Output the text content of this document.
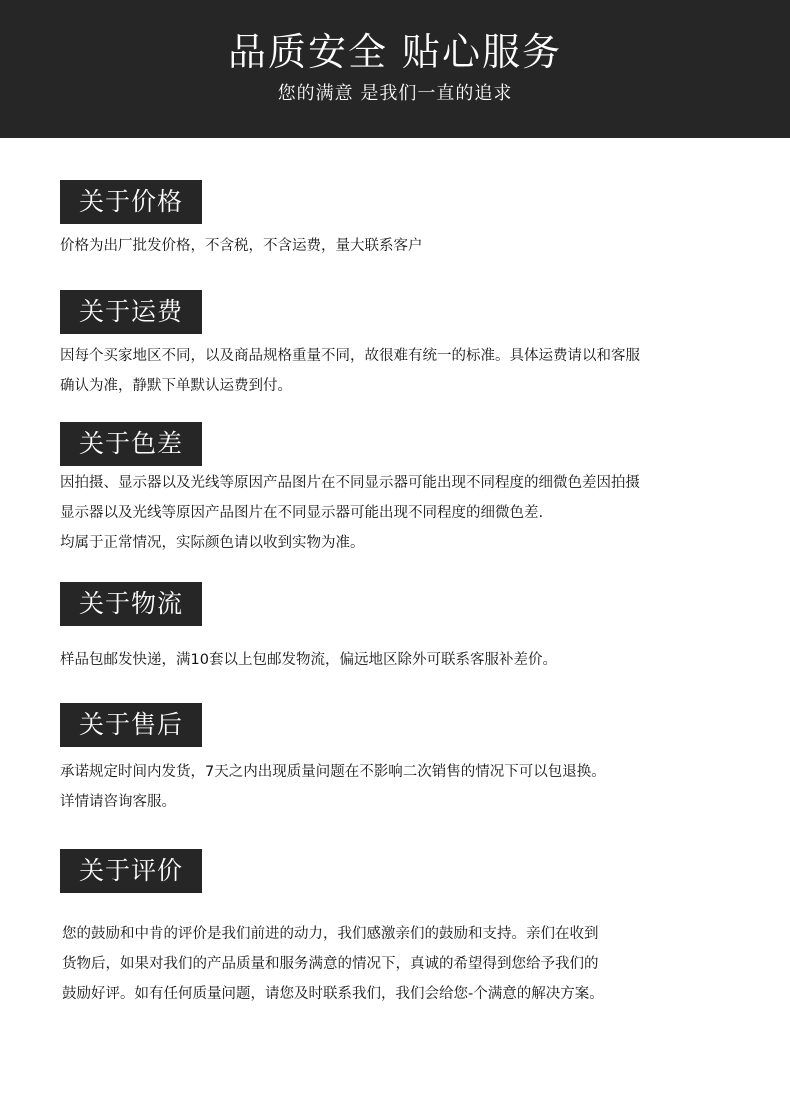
品质安全 贴心服务
您的满意 是我们一直的追求
关于价格
价格为出厂批发价格，不含税，不含运费，量大联系客户
关于运费
因每个买家地区不同，以及商品规格重量不同，故很难有统一的标准。具体运费请以和客服
确认为准，静默下单默认运费到付。
关于色差
因拍摄、显示器以及光线等原因产品图片在不同显示器可能出现不同程度的细微色差因拍摄
显示器以及光线等原因产品图片在不同显示器可能出现不同程度的细微色差.
均属于正常情况，实际颜色请以收到实物为准。
关于物流
样品包邮发快递，满10套以上包邮发物流，偏远地区除外可联系客服补差价。
关于售后
承诺规定时间内发货，7天之内出现质量问题在不影响二次销售的情况下可以包退换。
详情请咨询客服。
关于评价
您的鼓励和中肯的评价是我们前进的动力，我们感激亲们的鼓励和支持。亲们在收到
货物后，如果对我们的产品质量和服务满意的情况下，真诚的希望得到您给予我们的
鼓励好评。如有任何质量问题，请您及时联系我们，我们会给您-个满意的解决方案。
